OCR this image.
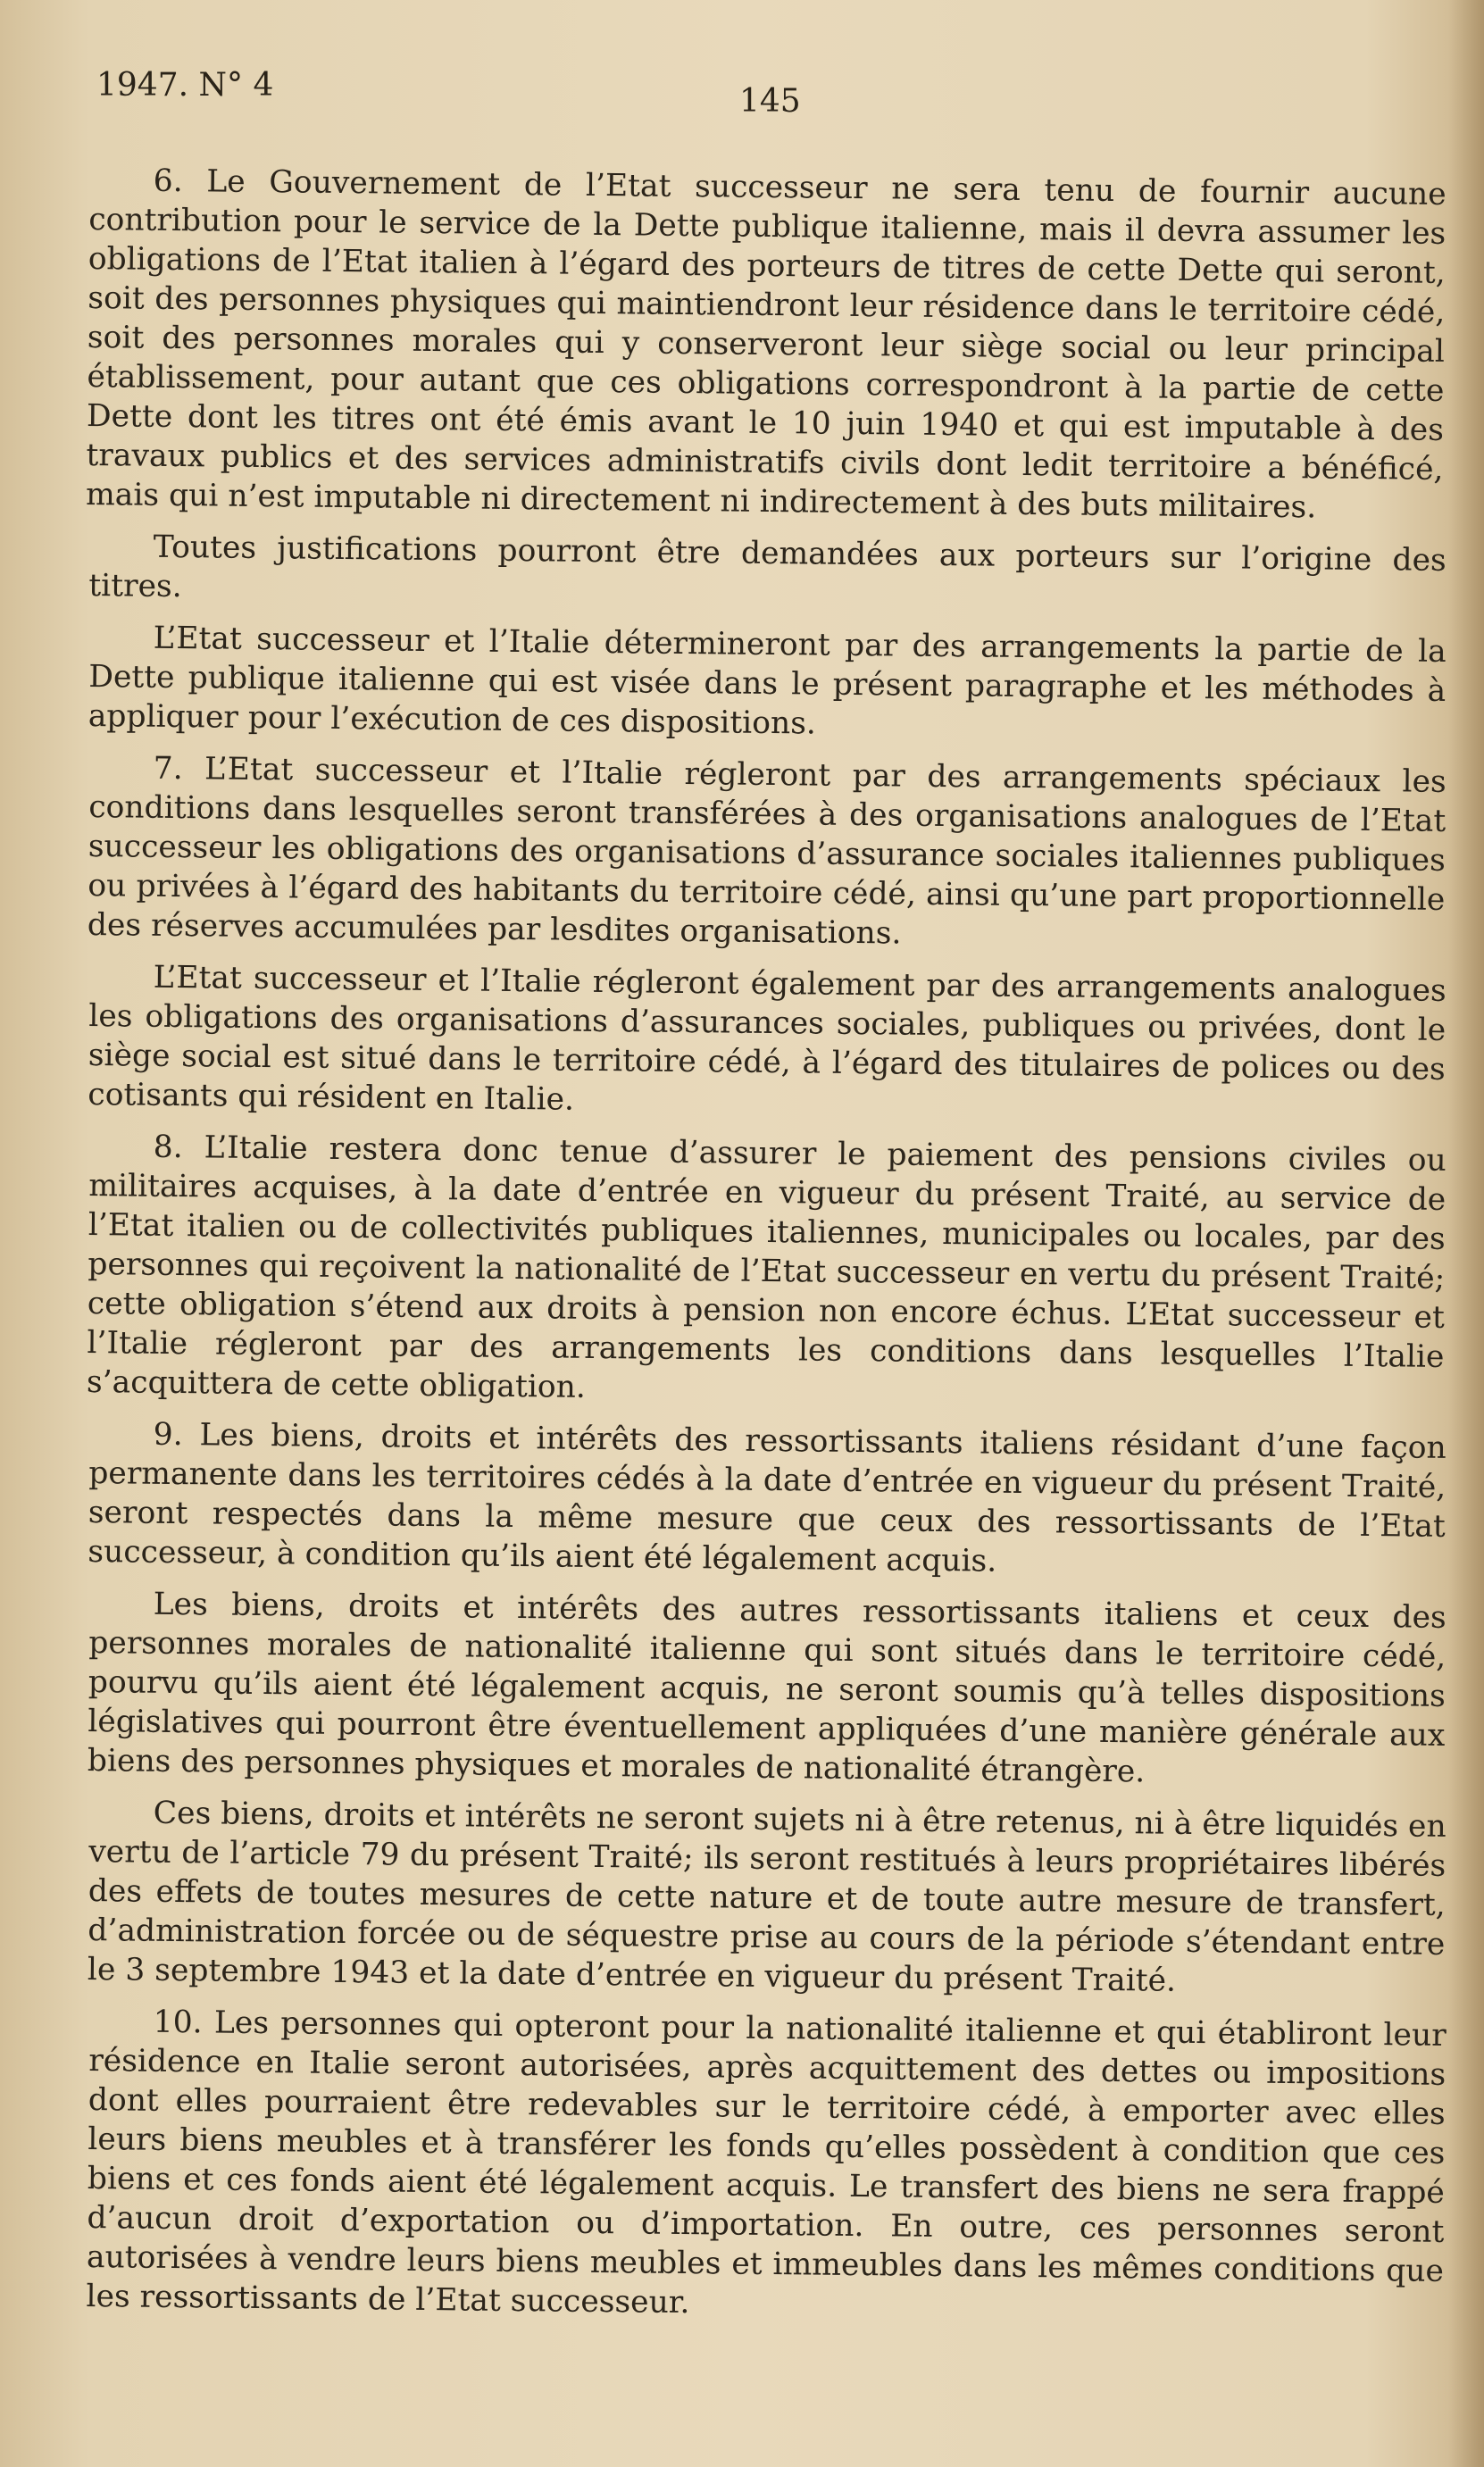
1947. N° 4	145

6. Le Gouvernement de l’Etat successeur ne sera tenu de fournir aucune contribution pour le service de la Dette publique italienne, mais il devra assumer les obligations de l’Etat italien à l’égard des porteurs de titres de cette Dette qui seront, soit des personnes physiques qui maintiendront leur résidence dans le territoire cédé, soit des personnes morales qui y conserveront leur siège social ou leur principal établissement, pour autant que ces obligations correspondront à la partie de cette Dette dont les titres ont été émis avant le 10 juin 1940 et qui est imputable à des travaux publics et des services administratifs civils dont ledit territoire a bénéficé, mais qui n’est imputable ni directement ni indirectement à des buts militaires.

Toutes justifications pourront être demandées aux porteurs sur l’origine des titres.

L’Etat successeur et l’Italie détermineront par des arrangements la partie de la Dette publique italienne qui est visée dans le présent paragraphe et les méthodes à appliquer pour l’exécution de ces dispositions.

7. L’Etat successeur et l’Italie régleront par des arrangements spéciaux les conditions dans lesquelles seront transférées à des organisations analogues de l’Etat successeur les obligations des organisations d’assurance sociales italiennes publiques ou privées à l’égard des habitants du territoire cédé, ainsi qu’une part proportionnelle des réserves accumulées par lesdites organisations.

L’Etat successeur et l’Italie régleront également par des arrangements analogues les obligations des organisations d’assurances sociales, publiques ou privées, dont le siège social est situé dans le territoire cédé, à l’égard des titulaires de polices ou des cotisants qui résident en Italie.

8. L’Italie restera donc tenue d’assurer le paiement des pensions civiles ou militaires acquises, à la date d’entrée en vigueur du présent Traité, au service de l’Etat italien ou de collectivités publiques italiennes, municipales ou locales, par des personnes qui reçoivent la nationalité de l’Etat successeur en vertu du présent Traité; cette obligation s’étend aux droits à pension non encore échus. L’Etat successeur et l’Italie régleront par des arrangements les conditions dans lesquelles l’Italie s’acquittera de cette obligation.

9. Les biens, droits et intérêts des ressortissants italiens résidant d’une façon permanente dans les territoires cédés à la date d’entrée en vigueur du présent Traité, seront respectés dans la même mesure que ceux des ressortissants de l’Etat successeur, à condition qu’ils aient été légalement acquis.

Les biens, droits et intérêts des autres ressortissants italiens et ceux des personnes morales de nationalité italienne qui sont situés dans le territoire cédé, pourvu qu’ils aient été légalement acquis, ne seront soumis qu’à telles dispositions législatives qui pourront être éventuellement appliquées d’une manière générale aux biens des personnes physiques et morales de nationalité étrangère.

Ces biens, droits et intérêts ne seront sujets ni à être retenus, ni à être liquidés en vertu de l’article 79 du présent Traité; ils seront restitués à leurs propriétaires libérés des effets de toutes mesures de cette nature et de toute autre mesure de transfert, d’administration forcée ou de séquestre prise au cours de la période s’étendant entre le 3 septembre 1943 et la date d’entrée en vigueur du présent Traité.

10. Les personnes qui opteront pour la nationalité italienne et qui établiront leur résidence en Italie seront autorisées, après acquittement des dettes ou impositions dont elles pourraient être redevables sur le territoire cédé, à emporter avec elles leurs biens meubles et à transférer les fonds qu’elles possèdent à condition que ces biens et ces fonds aient été légalement acquis. Le transfert des biens ne sera frappé d’aucun droit d’exportation ou d’importation. En outre, ces personnes seront autorisées à vendre leurs biens meubles et immeubles dans les mêmes conditions que les ressortissants de l’Etat successeur.
